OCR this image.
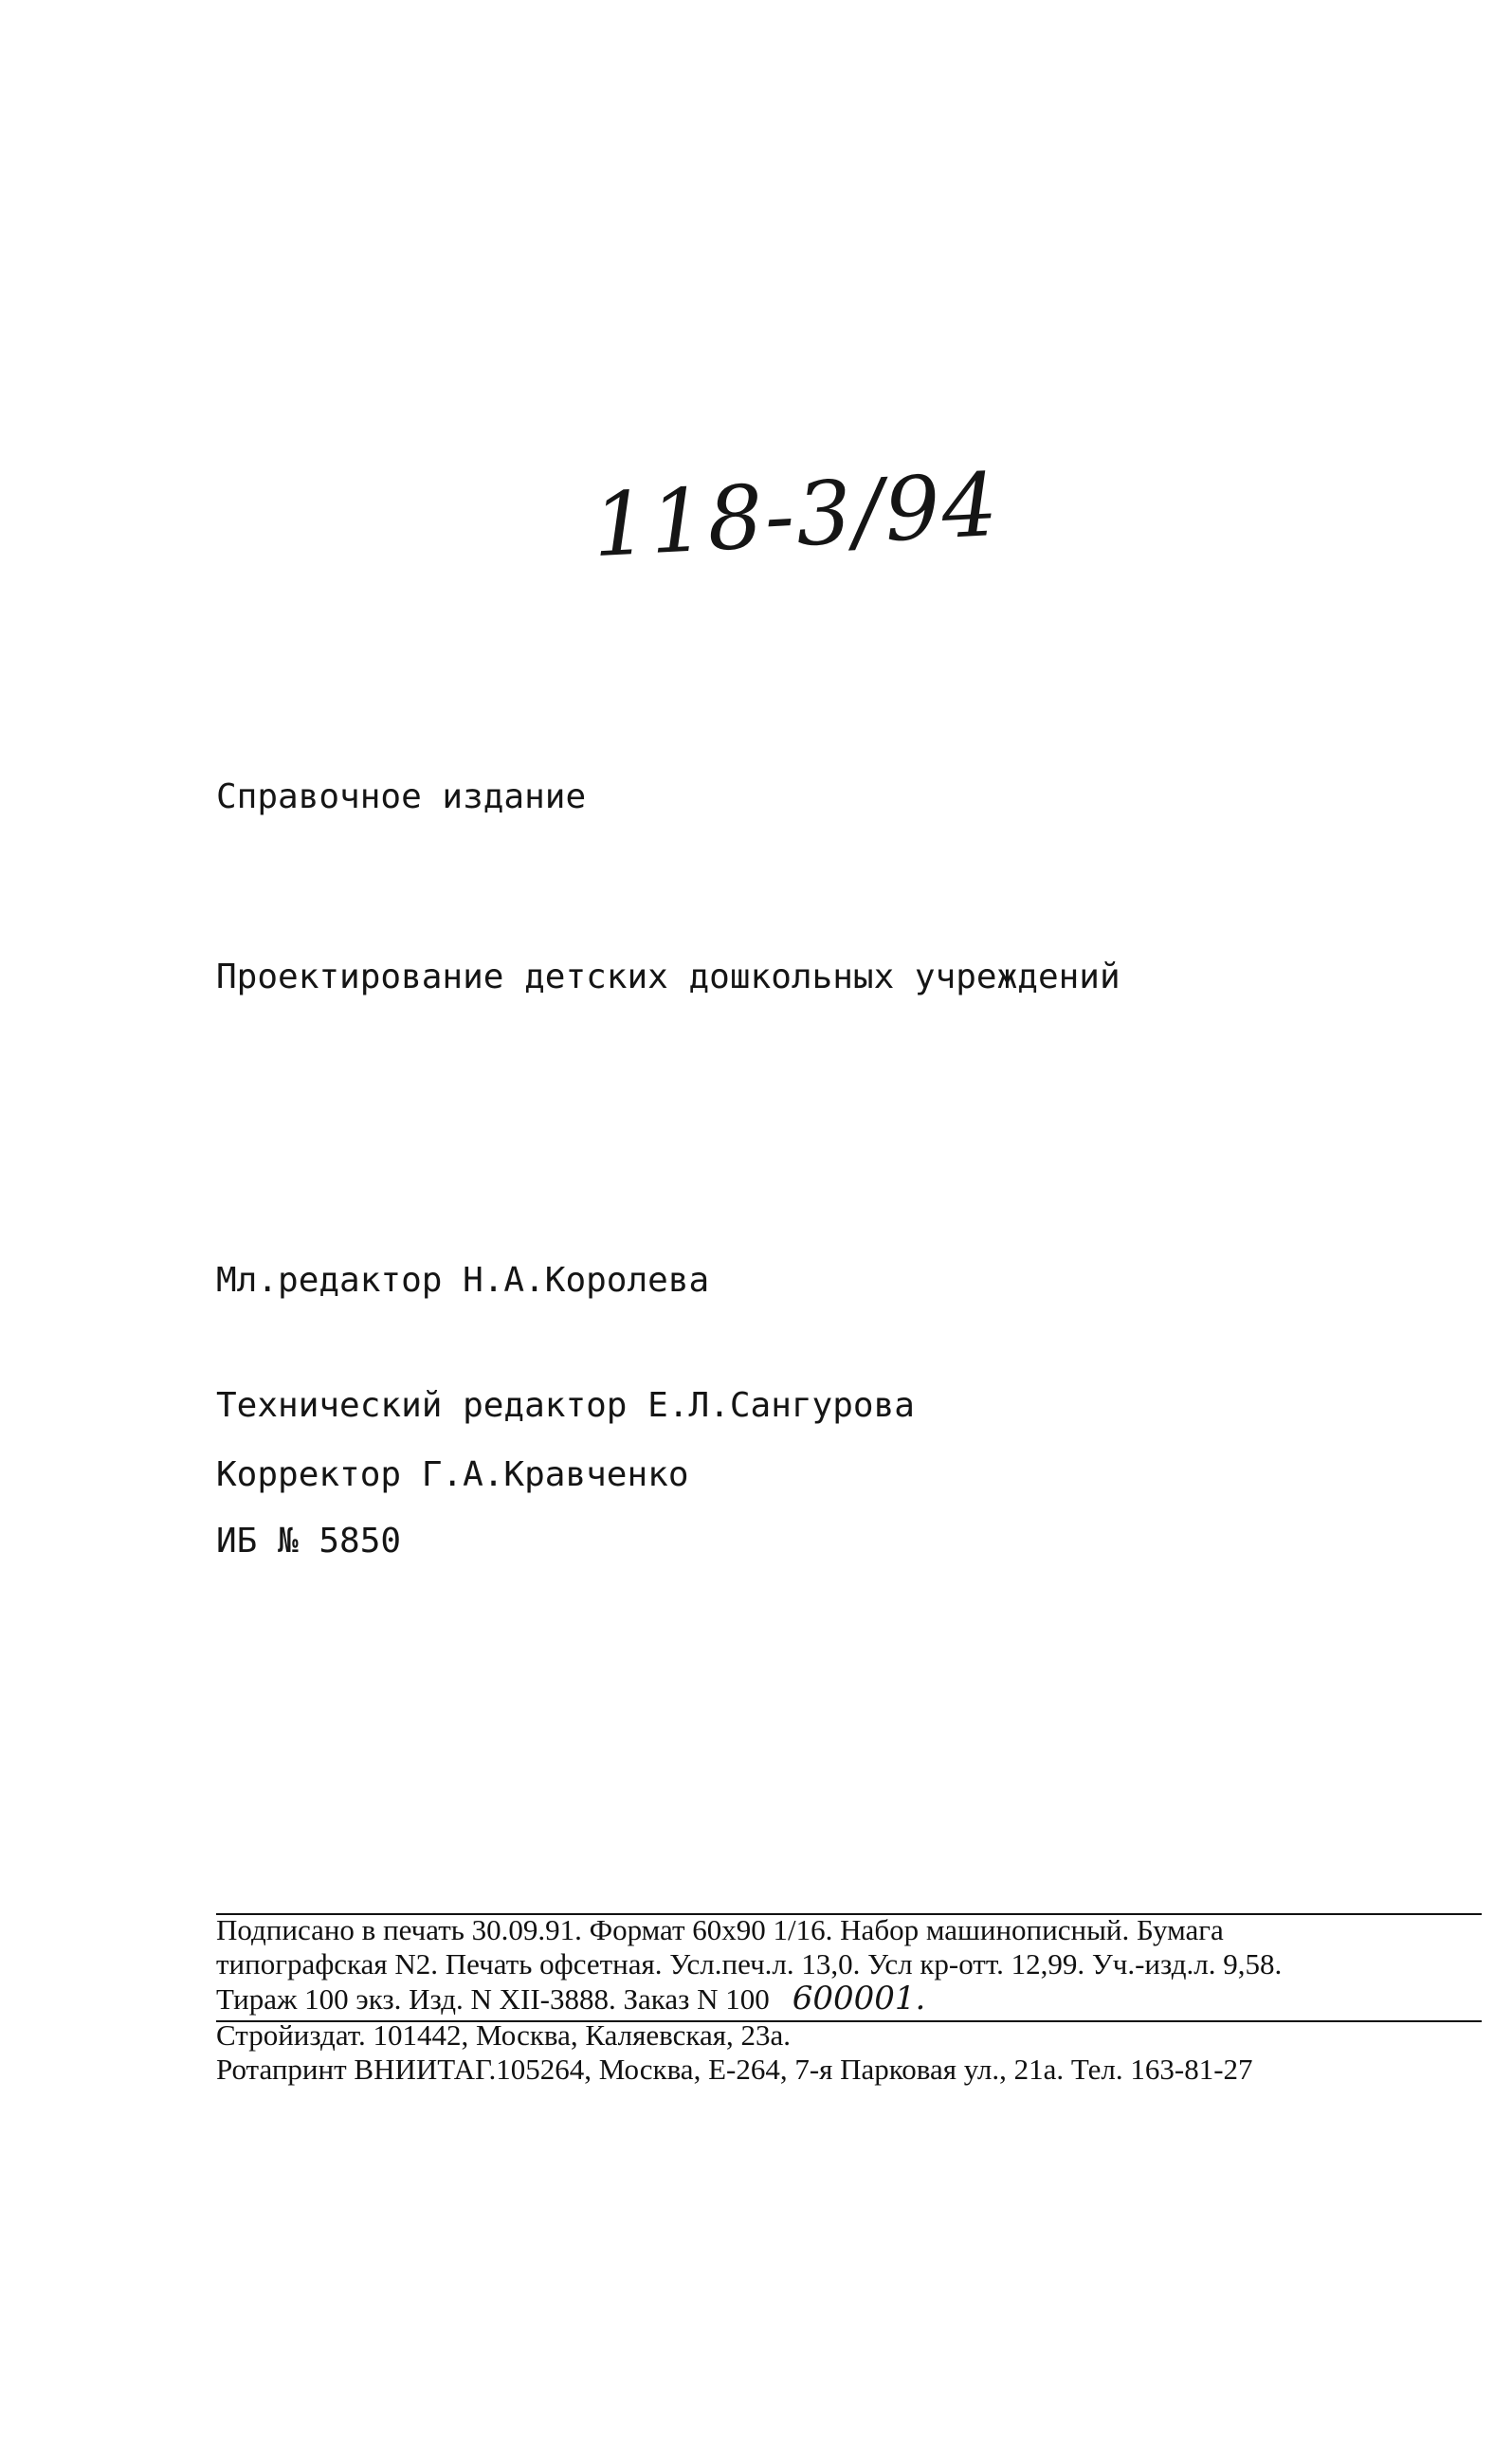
118-3/94
Справочное издание
Проектирование детских дошкольных учреждений
Мл.редактор Н.А.Королева
Технический редактор Е.Л.Сангурова
Корректор Г.А.Кравченко
ИБ № 5850
Подписано в печать 30.09.91. Формат 60х90 1/16. Набор машинописный. Бумага
типографская N2. Печать офсетная. Усл.печ.л. 13,0. Усл кр-отт. 12,99. Уч.-изд.л. 9,58.
Тираж 100 экз. Изд. N XII-3888. Заказ N 100 600001.
Стройиздат. 101442, Москва, Каляевская, 23а.
Ротапринт ВНИИТАГ.105264, Москва, Е-264, 7-я Парковая ул., 21а. Тел. 163-81-27
